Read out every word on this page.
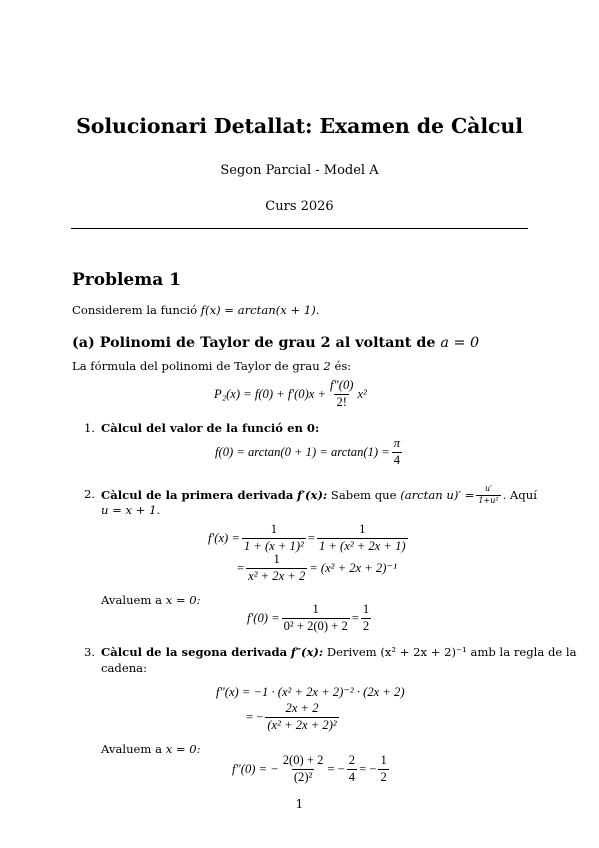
Solucionari Detallat: Examen de Càlcul
Segon Parcial - Model A
Curs 2026
Problema 1
Considerem la funció f(x) = arctan(x + 1).
(a) Polinomi de Taylor de grau 2 al voltant de a = 0
La fórmula del polinomi de Taylor de grau 2 és:
$P_2(x) = f(0) + f'(0)x + \frac{f''(0)}{2!} x^2$
1. Càlcul del valor de la funció en 0:
$f(0) = \arctan(0 + 1) = \arctan(1) = \frac{\pi}{4}$
2. Càlcul de la primera derivada
f′(x):
Sabem que
(arctan $u)' = \frac{u'}{\text{1+u²}}$ . Aquí
u = x + 1.
$f'(x) = \frac{1}{\text{1 + (x + 1)²}} = \frac{1}{\text{1 + (x² + 2x + 1)}}$
= $\frac{1}{\text{x² + 2x + 2}} = (x^2 + 2x + 2)^{-1}$
Avaluem a x = 0:
$f'(0) = \frac{1}{\text{0² + 2(0) + 2}} = \frac{1}{2}$
3. Càlcul de la segona derivada f″(x): Derivem (x² + 2x + 2)⁻¹ amb la regla de la
cadena:
f″(x) = −1 · (x² + 2x + 2)⁻² · (2x + 2)
= − $\frac{2x + 2}{\text{(x² + 2x + 2)²}}$
Avaluem a x = 0:
f″(0) = − $\frac{2(0) + 2}{\text{(2)²}}$ = − $\frac{2}{4}$ = − $\frac{1}{2}$
1
